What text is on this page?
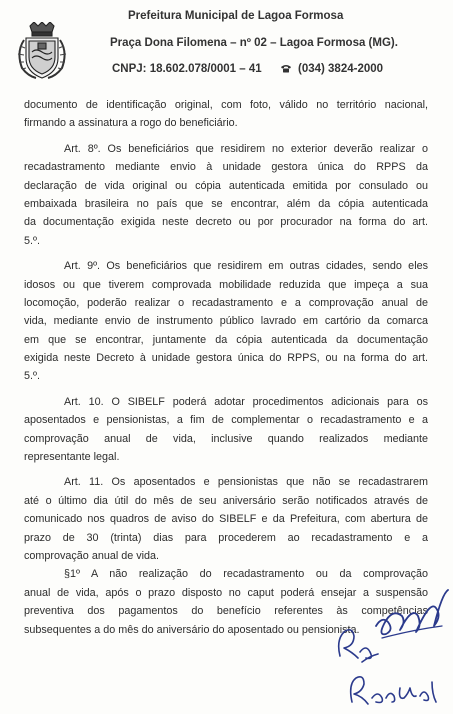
Prefeitura Municipal de Lagoa Formosa
Praça Dona Filomena – nº 02 – Lagoa Formosa (MG).
CNPJ: 18.602.078/0001 – 41	(034) 3824-2000
documento de identificação original, com foto, válido no território nacional,
firmando a assinatura a rogo do beneficiário.
Art. 8º. Os beneficiários que residirem no exterior deverão realizar o
recadastramento mediante envio à unidade gestora única do RPPS da
declaração de vida original ou cópia autenticada emitida por consulado ou
embaixada brasileira no país que se encontrar, além da cópia autenticada
da documentação exigida neste decreto ou por procurador na forma do art.
5.º.
Art. 9º. Os beneficiários que residirem em outras cidades, sendo eles
idosos ou que tiverem comprovada mobilidade reduzida que impeça a sua
locomoção, poderão realizar o recadastramento e a comprovação anual de
vida, mediante envio de instrumento público lavrado em cartório da comarca
em que se encontrar, juntamente da cópia autenticada da documentação
exigida neste Decreto à unidade gestora única do RPPS, ou na forma do art.
5.º.
Art. 10. O SIBELF poderá adotar procedimentos adicionais para os
aposentados e pensionistas, a fim de complementar o recadastramento e a
comprovação anual de vida, inclusive quando realizados mediante
representante legal.
Art. 11. Os aposentados e pensionistas que não se recadastrarem
até o último dia útil do mês de seu aniversário serão notificados através de
comunicado nos quadros de aviso do SIBELF e da Prefeitura, com abertura de
prazo de 30 (trinta) dias para procederem ao recadastramento e a
comprovação anual de vida.
§1º A não realização do recadastramento ou da comprovação
anual de vida, após o prazo disposto no caput poderá ensejar a suspensão
preventiva dos pagamentos do benefício referentes às competências
subsequentes a do mês do aniversário do aposentado ou pensionista.
